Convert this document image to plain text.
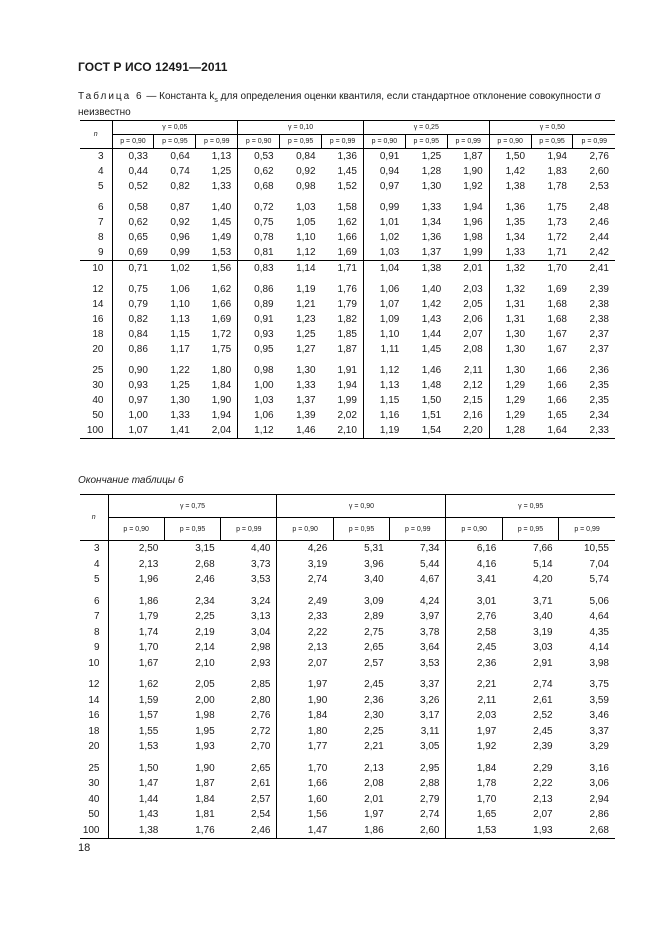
ГОСТ Р ИСО 12491—2011
Таблица 6 — Константа $k_s$ для определения оценки квантиля, если стандартное отклонение совокупности σ неизвестно
n	γ = 0,05			γ = 0,10			γ = 0,25			γ = 0,50		
	p = 0,90	p = 0,95	p = 0,99	p = 0,90	p = 0,95	p = 0,99	p = 0,90	p = 0,95	p = 0,99	p = 0,90	p = 0,95	p = 0,99
3	0,33	0,64	1,13	0,53	0,84	1,36	0,91	1,25	1,87	1,50	1,94	2,76
4	0,44	0,74	1,25	0,62	0,92	1,45	0,94	1,28	1,90	1,42	1,83	2,60
5	0,52	0,82	1,33	0,68	0,98	1,52	0,97	1,30	1,92	1,38	1,78	2,53

6	0,58	0,87	1,40	0,72	1,03	1,58	0,99	1,33	1,94	1,36	1,75	2,48
7	0,62	0,92	1,45	0,75	1,05	1,62	1,01	1,34	1,96	1,35	1,73	2,46
8	0,65	0,96	1,49	0,78	1,10	1,66	1,02	1,36	1,98	1,34	1,72	2,44
9	0,69	0,99	1,53	0,81	1,12	1,69	1,03	1,37	1,99	1,33	1,71	2,42
10	0,71	1,02	1,56	0,83	1,14	1,71	1,04	1,38	2,01	1,32	1,70	2,41

12	0,75	1,06	1,62	0,86	1,19	1,76	1,06	1,40	2,03	1,32	1,69	2,39
14	0,79	1,10	1,66	0,89	1,21	1,79	1,07	1,42	2,05	1,31	1,68	2,38
16	0,82	1,13	1,69	0,91	1,23	1,82	1,09	1,43	2,06	1,31	1,68	2,38
18	0,84	1,15	1,72	0,93	1,25	1,85	1,10	1,44	2,07	1,30	1,67	2,37
20	0,86	1,17	1,75	0,95	1,27	1,87	1,11	1,45	2,08	1,30	1,67	2,37

25	0,90	1,22	1,80	0,98	1,30	1,91	1,12	1,46	2,11	1,30	1,66	2,36
30	0,93	1,25	1,84	1,00	1,33	1,94	1,13	1,48	2,12	1,29	1,66	2,35
40	0,97	1,30	1,90	1,03	1,37	1,99	1,15	1,50	2,15	1,29	1,66	2,35
50	1,00	1,33	1,94	1,06	1,39	2,02	1,16	1,51	2,16	1,29	1,65	2,34
100	1,07	1,41	2,04	1,12	1,46	2,10	1,19	1,54	2,20	1,28	1,64	2,33
Окончание таблицы 6
n	γ = 0,75			γ = 0,90			γ = 0,95		
	p = 0,90	p = 0,95	p = 0,99	p = 0,90	p = 0,95	p = 0,99	p = 0,90	p = 0,95	p = 0,99
3	2,50	3,15	4,40	4,26	5,31	7,34	6,16	7,66	10,55
4	2,13	2,68	3,73	3,19	3,96	5,44	4,16	5,14	7,04
5	1,96	2,46	3,53	2,74	3,40	4,67	3,41	4,20	5,74

6	1,86	2,34	3,24	2,49	3,09	4,24	3,01	3,71	5,06
7	1,79	2,25	3,13	2,33	2,89	3,97	2,76	3,40	4,64
8	1,74	2,19	3,04	2,22	2,75	3,78	2,58	3,19	4,35
9	1,70	2,14	2,98	2,13	2,65	3,64	2,45	3,03	4,14
10	1,67	2,10	2,93	2,07	2,57	3,53	2,36	2,91	3,98

12	1,62	2,05	2,85	1,97	2,45	3,37	2,21	2,74	3,75
14	1,59	2,00	2,80	1,90	2,36	3,26	2,11	2,61	3,59
16	1,57	1,98	2,76	1,84	2,30	3,17	2,03	2,52	3,46
18	1,55	1,95	2,72	1,80	2,25	3,11	1,97	2,45	3,37
20	1,53	1,93	2,70	1,77	2,21	3,05	1,92	2,39	3,29

25	1,50	1,90	2,65	1,70	2,13	2,95	1,84	2,29	3,16
30	1,47	1,87	2,61	1,66	2,08	2,88	1,78	2,22	3,06
40	1,44	1,84	2,57	1,60	2,01	2,79	1,70	2,13	2,94
50	1,43	1,81	2,54	1,56	1,97	2,74	1,65	2,07	2,86
100	1,38	1,76	2,46	1,47	1,86	2,60	1,53	1,93	2,68
18
